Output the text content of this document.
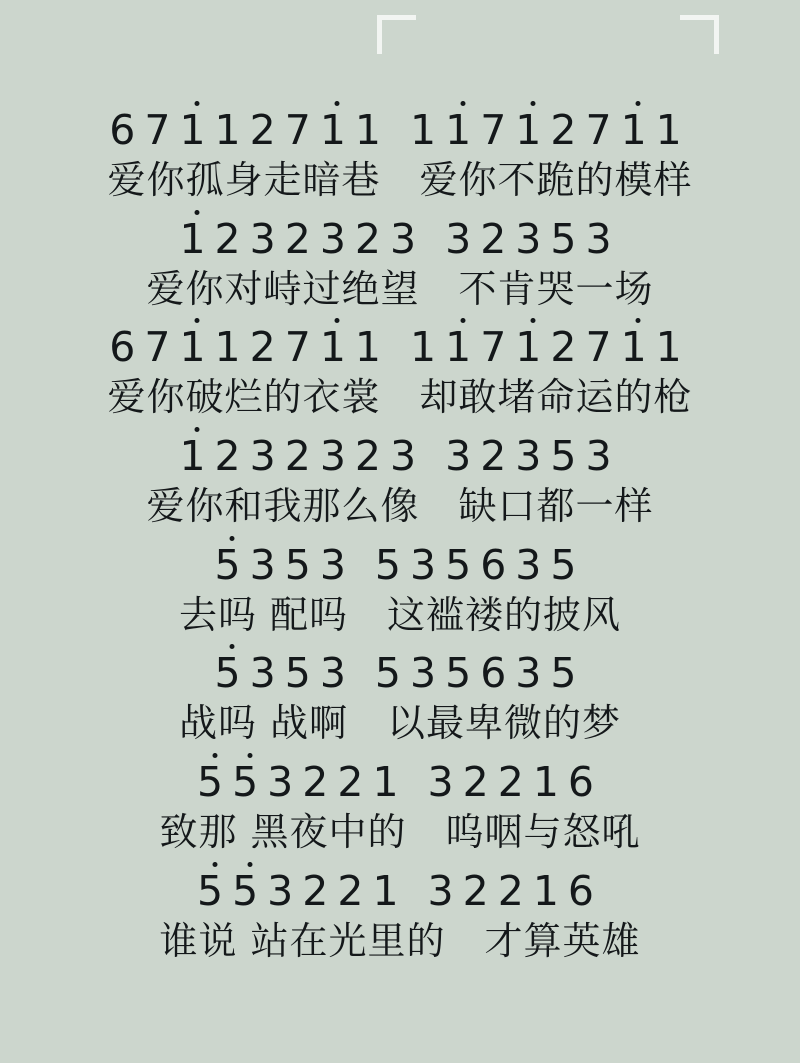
67112711 11712711
爱你孤身走暗巷　爱你不跪的模样
1232323 32353
爱你对峙过绝望　不肯哭一场
67112711 11712711
爱你破烂的衣裳　却敢堵命运的枪
1232323 32353
爱你和我那么像　缺口都一样
5353 535635
去吗 配吗　这褴褛的披风
5353 535635
战吗 战啊　以最卑微的梦
553221 32216
致那 黑夜中的　呜咽与怒吼
553221 32216
谁说 站在光里的　才算英雄
